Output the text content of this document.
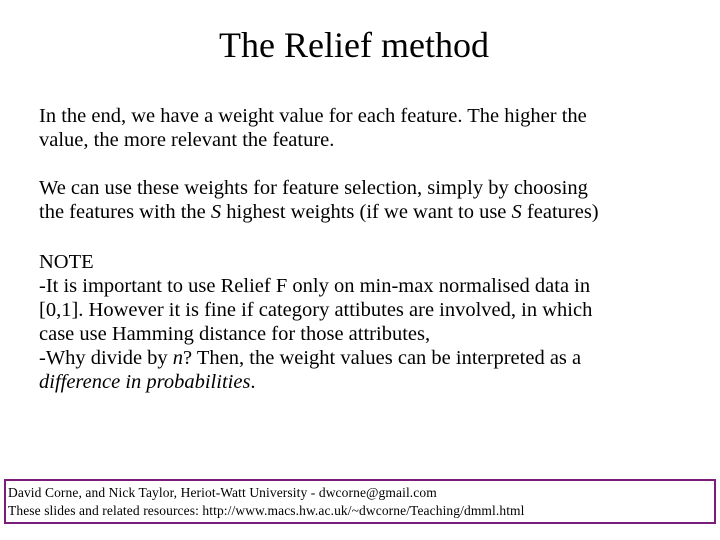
The Relief method
In the end, we have a weight value for each feature. The higher the
value, the more relevant the feature.
We can use these weights for feature selection, simply by choosing
the features with the S highest weights (if we want to use S features)
NOTE
-It is important to use Relief F only on min-max normalised data in
[0,1]. However it is fine if category attibutes are involved, in which
case use Hamming distance for those attributes,
-Why divide by n? Then, the weight values can be interpreted as a
difference in probabilities.
David Corne, and Nick Taylor, Heriot-Watt University - dwcorne@gmail.com
These slides and related resources: http://www.macs.hw.ac.uk/~dwcorne/Teaching/dmml.html
